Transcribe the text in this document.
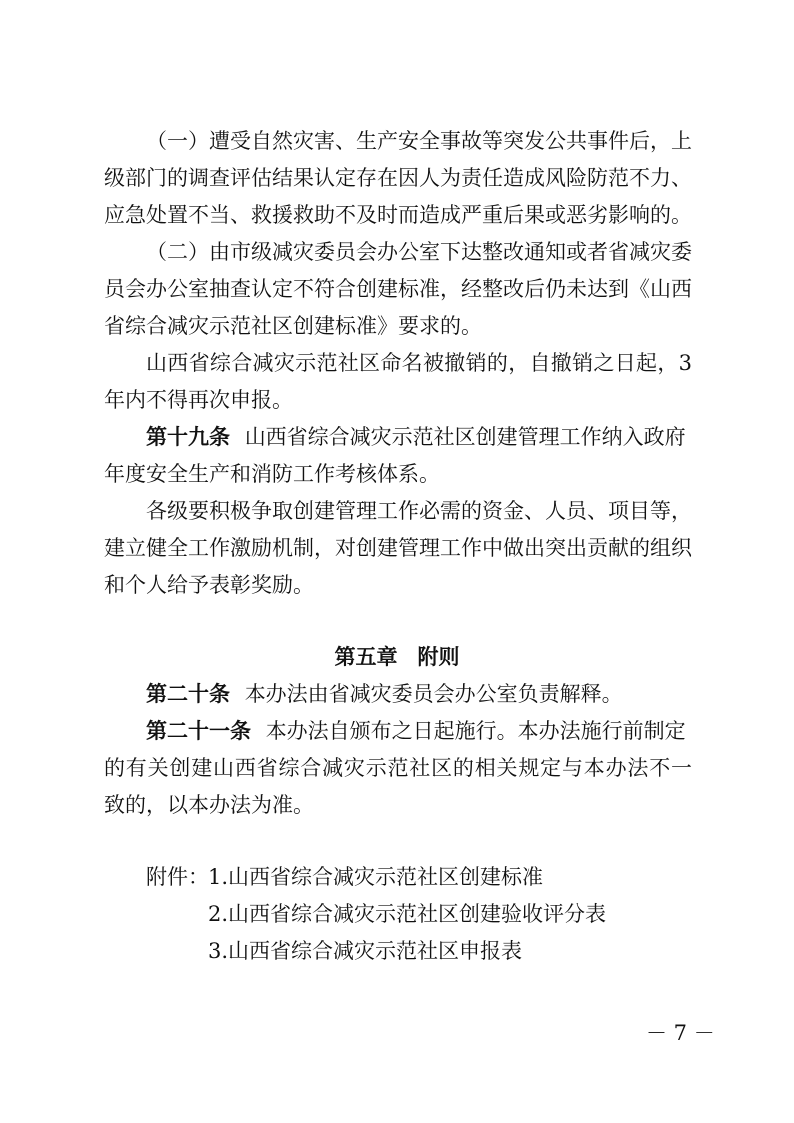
（一）遭受自然灾害、生产安全事故等突发公共事件后，上
级部门的调查评估结果认定存在因人为责任造成风险防范不力、
应急处置不当、救援救助不及时而造成严重后果或恶劣影响的。
（二）由市级减灾委员会办公室下达整改通知或者省减灾委
员会办公室抽查认定不符合创建标准，经整改后仍未达到《山西
省综合减灾示范社区创建标准》要求的。
山西省综合减灾示范社区命名被撤销的，自撤销之日起，3
年内不得再次申报。
第十九条 山西省综合减灾示范社区创建管理工作纳入政府
年度安全生产和消防工作考核体系。
各级要积极争取创建管理工作必需的资金、人员、项目等，
建立健全工作激励机制，对创建管理工作中做出突出贡献的组织
和个人给予表彰奖励。
第五章 附则
第二十条 本办法由省减灾委员会办公室负责解释。
第二十一条 本办法自颁布之日起施行。本办法施行前制定
的有关创建山西省综合减灾示范社区的相关规定与本办法不一
致的，以本办法为准。
附件： 1.山西省综合减灾示范社区创建标准
2.山西省综合减灾示范社区创建验收评分表
3.山西省综合减灾示范社区申报表
－ 7 －
